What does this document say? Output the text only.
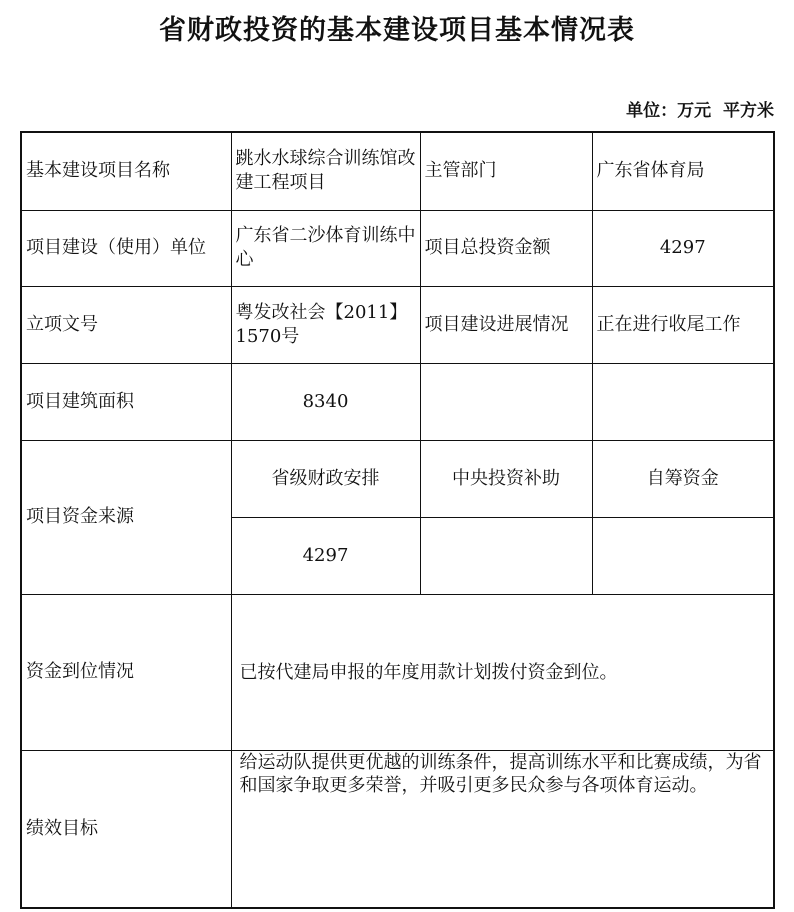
省财政投资的基本建设项目基本情况表
单位：万元  平方米
基本建设项目名称	跳水水球综合训练馆改建工程项目	主管部门	广东省体育局
项目建设（使用）单位	广东省二沙体育训练中心	项目总投资金额	4297
立项文号	粤发改社会【2011】1570号	项目建设进展情况	正在进行收尾工作
项目建筑面积	8340		
项目资金来源	省级财政安排	中央投资补助	自筹资金
	4297		
资金到位情况	已按代建局申报的年度用款计划拨付资金到位。		
绩效目标	给运动队提供更优越的训练条件，提高训练水平和比赛成绩，为省和国家争取更多荣誉，并吸引更多民众参与各项体育运动。		
